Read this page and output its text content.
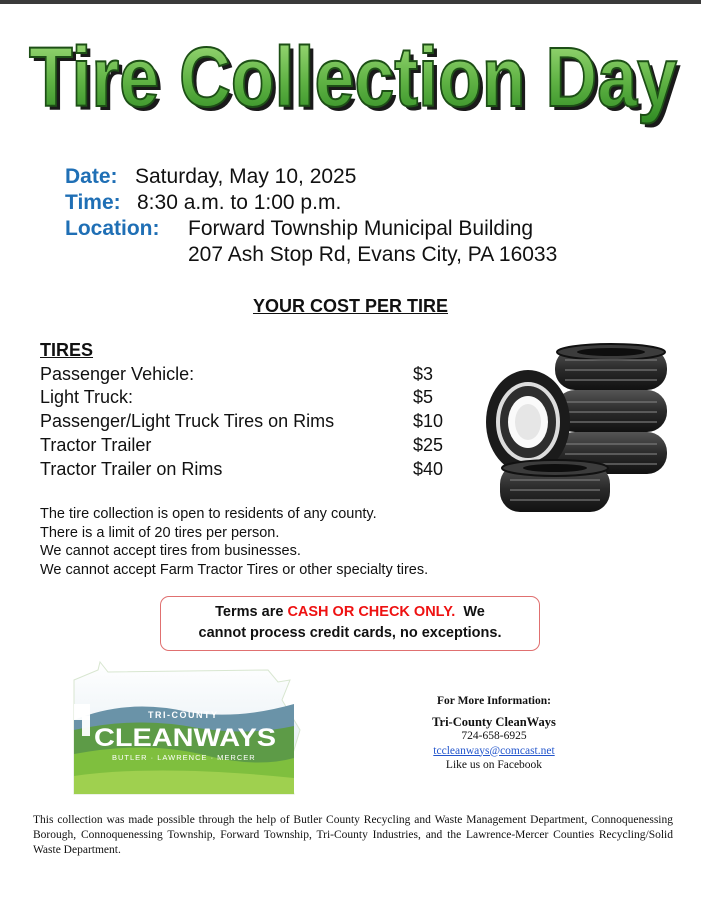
Tire Collection Day
Tire Collection Day
Date: Saturday, May 10, 2025
Time: 8:30 a.m. to 1:00 p.m.
Location: Forward Township Municipal Building
207 Ash Stop Rd, Evans City, PA 16033
YOUR COST PER TIRE
TIRES
Passenger Vehicle:	$3
Light Truck:	$5
Passenger/Light Truck Tires on Rims	$10
Tractor Trailer	$25
Tractor Trailer on Rims	$40
The tire collection is open to residents of any county.
There is a limit of 20 tires per person.
We cannot accept tires from businesses.
We cannot accept Farm Tractor Tires or other specialty tires.
Terms are CASH OR CHECK ONLY.  We
cannot process credit cards, no exceptions.
TRI-COUNTY
CLEANWAYS
BUTLER · LAWRENCE · MERCER
For More Information:
Tri-County CleanWays
724-658-6925
tccleanways@comcast.net
Like us on Facebook
This collection was made possible through the help of Butler County Recycling and Waste Management Department, Connoquenessing Borough, Connoquenessing Township, Forward Township, Tri-County Industries, and the Lawrence-Mercer Counties Recycling/Solid Waste Department.
